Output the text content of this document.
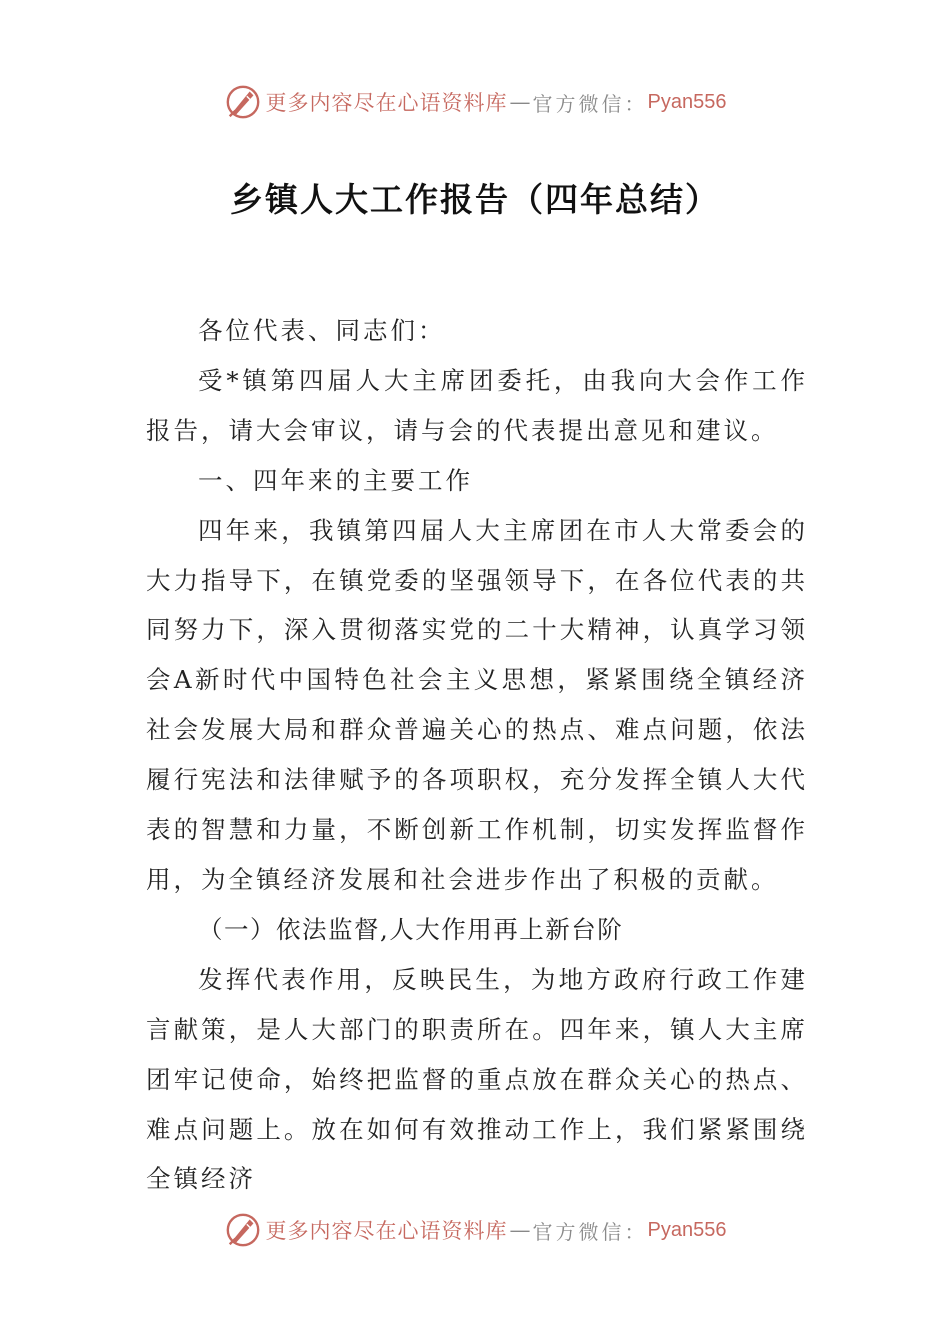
更多内容尽在心语资料库 — 官方微信： Pyan556
乡镇人大工作报告（四年总结）

各位代表、同志们：

受*镇第四届人大主席团委托，由我向大会作工作报告，请大会审议，请与会的代表提出意见和建议。

一、四年来的主要工作

四年来，我镇第四届人大主席团在市人大常委会的大力指导下，在镇党委的坚强领导下，在各位代表的共同努力下，深入贯彻落实党的二十大精神，认真学习领会A新时代中国特色社会主义思想，紧紧围绕全镇经济社会发展大局和群众普遍关心的热点、难点问题，依法履行宪法和法律赋予的各项职权，充分发挥全镇人大代表的智慧和力量，不断创新工作机制，切实发挥监督作用，为全镇经济发展和社会进步作出了积极的贡献。

（一）依法监督,人大作用再上新台阶

发挥代表作用，反映民生，为地方政府行政工作建言献策，是人大部门的职责所在。四年来，镇人大主席团牢记使命，始终把监督的重点放在群众关心的热点、难点问题上。放在如何有效推动工作上，我们紧紧围绕全镇经济

更多内容尽在心语资料库 — 官方微信： Pyan556
